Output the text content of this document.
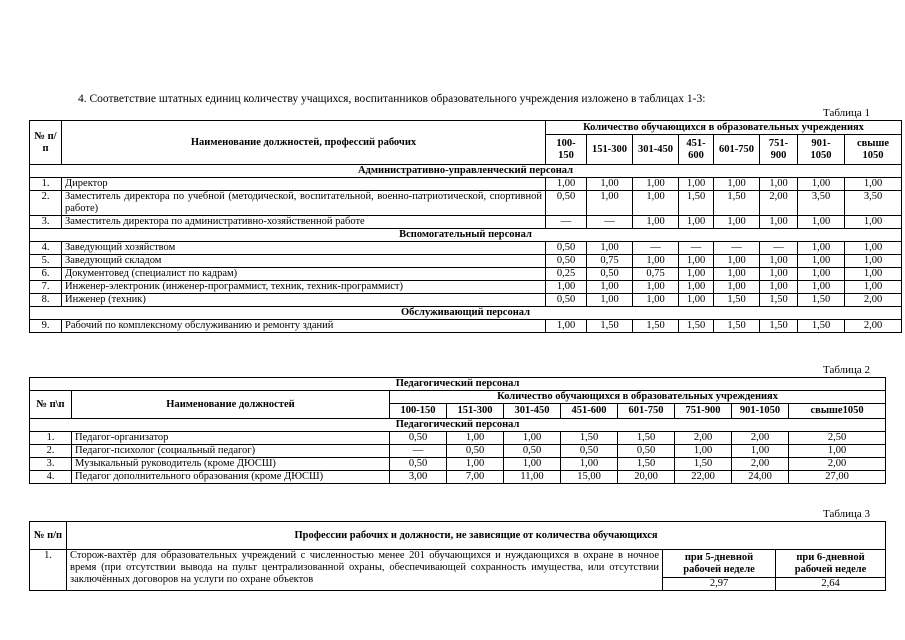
4. Соответствие штатных единиц количеству учащихся, воспитанников образовательного учреждения изложено в таблицах 1-3:
Таблица 1
№ п/п	Наименование должностей, профессий рабочих	Количество обучающихся в образовательных учреждениях							
		100-150	151-300	301-450	451-600	601-750	751-900	901-1050	свыше 1050
Административно-управленческий персонал									
1.	Директор	1,00	1,00	1,00	1,00	1,00	1,00	1,00	1,00
2.	Заместитель директора по учебной (методической, воспитательной, военно-патриотической, спортивной работе)	0,50	1,00	1,00	1,50	1,50	2,00	3,50	3,50
3.	Заместитель директора по административно-хозяйственной работе	—	—	1,00	1,00	1,00	1,00	1,00	1,00
Вспомогательный персонал									
4.	Заведующий хозяйством	0,50	1,00	—	—	—	—	1,00	1,00
5.	Заведующий складом	0,50	0,75	1,00	1,00	1,00	1,00	1,00	1,00
6.	Документовед (специалист по кадрам)	0,25	0,50	0,75	1,00	1,00	1,00	1,00	1,00
7.	Инженер-электроник (инженер-программист, техник, техник-программист)	1,00	1,00	1,00	1,00	1,00	1,00	1,00	1,00
8.	Инженер (техник)	0,50	1,00	1,00	1,00	1,50	1,50	1,50	2,00
Обслуживающий персонал									
9.	Рабочий по комплексному обслуживанию и ремонту зданий	1,00	1,50	1,50	1,50	1,50	1,50	1,50	2,00
Таблица 2
Педагогический персонал									
№ п\п	Наименование должностей	Количество обучающихся в образовательных учреждениях							
		100-150	151-300	301-450	451-600	601-750	751-900	901-1050	свыше1050
Педагогический персонал									
1.	Педагог-организатор	0,50	1,00	1,00	1,50	1,50	2,00	2,00	2,50
2.	Педагог-психолог (социальный педагог)	—	0,50	0,50	0,50	0,50	1,00	1,00	1,00
3.	Музыкальный руководитель (кроме ДЮСШ)	0,50	1,00	1,00	1,00	1,50	1,50	2,00	2,00
4.	Педагог дополнительного образования (кроме ДЮСШ)	3,00	7,00	11,00	15,00	20,00	22,00	24,00	27,00
Таблица 3
№ п/п	Профессии рабочих и должности, не зависящие от количества обучающихся		
1.	Сторож-вахтёр для образовательных учреждений с численностью менее 201 обучающихся и нуждающихся в охране в ночное время (при отсутствии вывода на пульт централизованной охраны, обеспечивающей сохранность имущества, или отсутствии заключённых договоров на услуги по охране объектов	при 5-дневной рабочей неделе	при 6-дневной рабочей неделе
		2,97	2,64
